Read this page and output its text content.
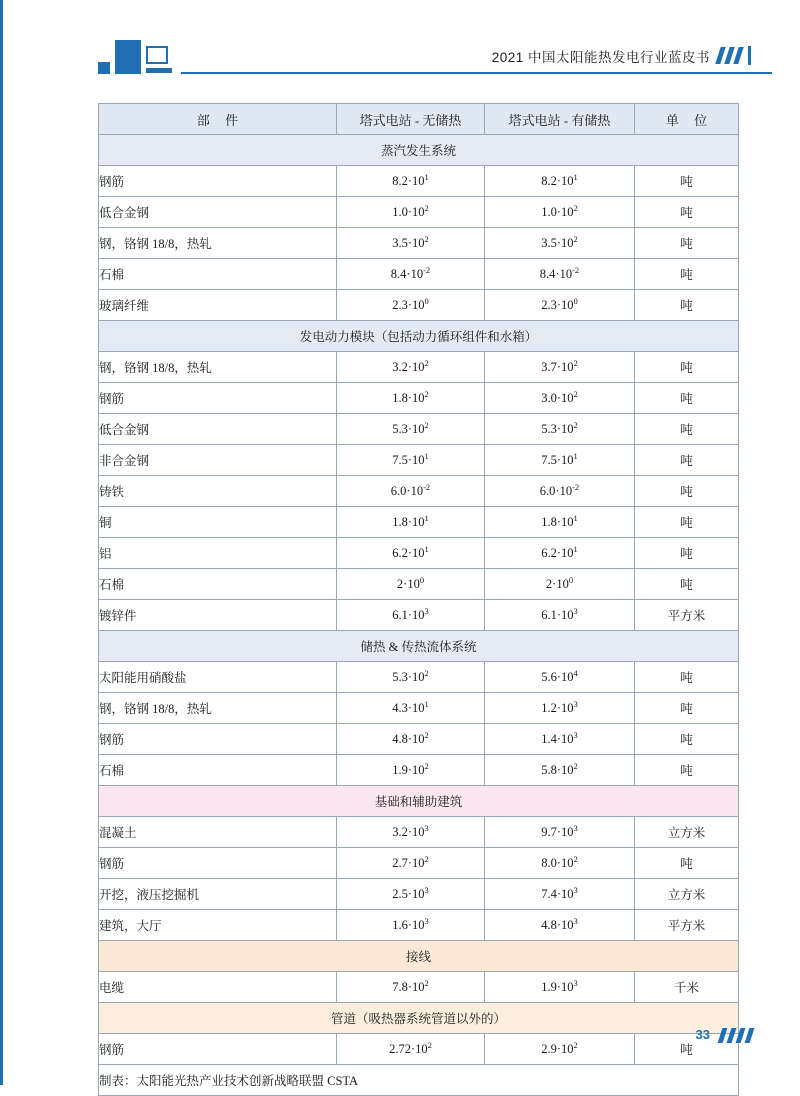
2021 中国太阳能热发电行业蓝皮书
部 件	塔式电站 - 无储热	塔式电站 - 有储热	单 位
蒸汽发生系统			
钢筋	$8.2\cdot 10^1$	$8.2\cdot 10^1$	吨
低合金钢	$1.0\cdot 10^2$	$1.0\cdot 10^2$	吨
钢，铬钢 18/8，热轧	$3.5\cdot 10^2$	$3.5\cdot 10^2$	吨
石棉	$8.4\cdot 10^{-2}$	$8.4\cdot 10^{-2}$	吨
玻璃纤维	$2.3\cdot 10^0$	$2.3\cdot 10^0$	吨
发电动力模块（包括动力循环组件和水箱）			
钢，铬钢 18/8，热轧	$3.2\cdot 10^2$	$3.7\cdot 10^2$	吨
钢筋	$1.8\cdot 10^2$	$3.0\cdot 10^2$	吨
低合金钢	$5.3\cdot 10^2$	$5.3\cdot 10^2$	吨
非合金钢	$7.5\cdot 10^1$	$7.5\cdot 10^1$	吨
铸铁	$6.0\cdot 10^{-2}$	$6.0\cdot 10^{-2}$	吨
铜	$1.8\cdot 10^1$	$1.8\cdot 10^1$	吨
铝	$6.2\cdot 10^1$	$6.2\cdot 10^1$	吨
石棉	$2\cdot 10^0$	$2\cdot 10^0$	吨
镀锌件	$6.1\cdot 10^3$	$6.1\cdot 10^3$	平方米
储热 & 传热流体系统			
太阳能用硝酸盐	$5.3\cdot 10^2$	$5.6\cdot 10^4$	吨
钢，铬钢 18/8，热轧	$4.3\cdot 10^1$	$1.2\cdot 10^3$	吨
钢筋	$4.8\cdot 10^2$	$1.4\cdot 10^3$	吨
石棉	$1.9\cdot 10^2$	$5.8\cdot 10^2$	吨
基础和辅助建筑			
混凝土	$3.2\cdot 10^3$	$9.7\cdot 10^3$	立方米
钢筋	$2.7\cdot 10^2$	$8.0\cdot 10^2$	吨
开挖，液压挖掘机	$2.5\cdot 10^3$	$7.4\cdot 10^3$	立方米
建筑，大厅	$1.6\cdot 10^3$	$4.8\cdot 10^3$	平方米
接线			
电缆	$7.8\cdot 10^2$	$1.9\cdot 10^3$	千米
管道（吸热器系统管道以外的）			
钢筋	$2.72\cdot 10^2$	$2.9\cdot 10^2$	吨
制表：太阳能光热产业技术创新战略联盟 CSTA			
33
